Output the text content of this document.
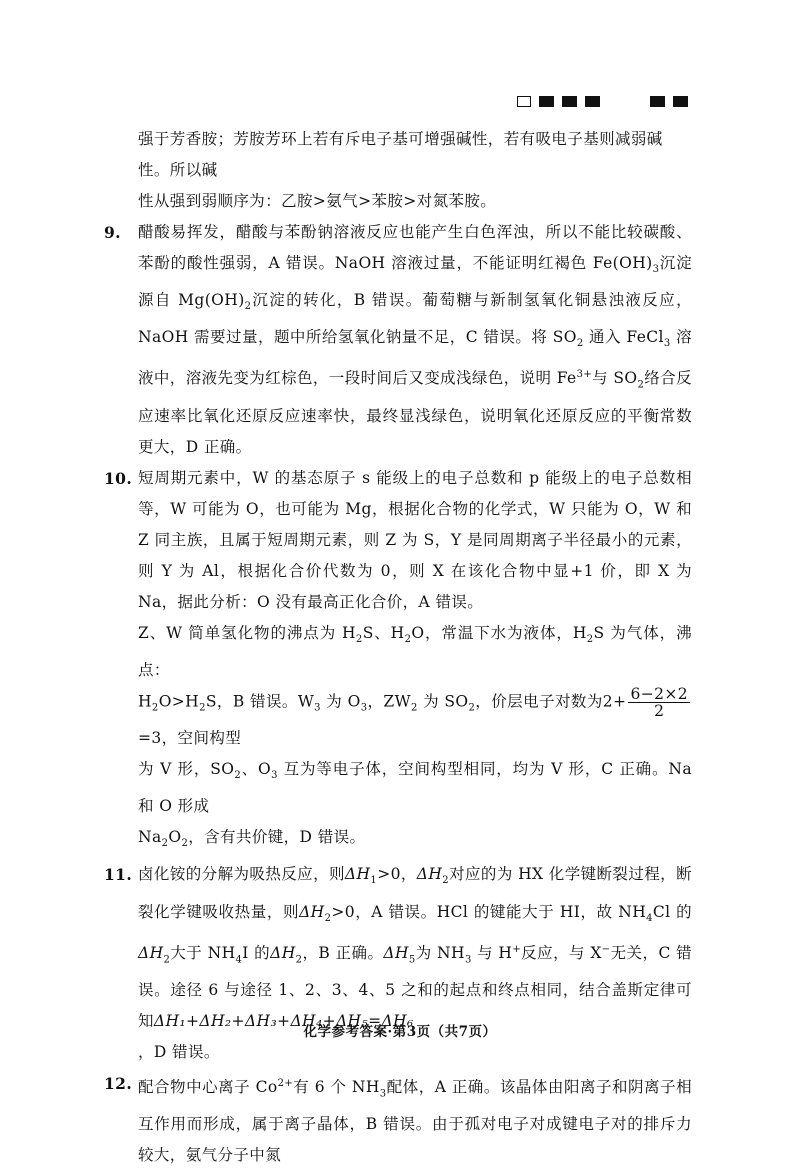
强于芳香胺；芳胺芳环上若有斥电子基可增强碱性，若有吸电子基则减弱碱性。所以碱
性从强到弱顺序为：乙胺>氨气>苯胺>对氮苯胺。
9.	醋酸易挥发，醋酸与苯酚钠溶液反应也能产生白色浑浊，所以不能比较碳酸、苯酚的酸性强弱，A 错误。NaOH 溶液过量，不能证明红褐色 $Fe(OH)_3$沉淀源自 $Mg(OH)_2$沉淀的转化，B 错误。葡萄糖与新制氢氧化铜悬浊液反应，NaOH 需要过量，题中所给氢氧化钠量不足，C 错误。将 $SO_2$ 通入 FeCl$_3$ 溶液中，溶液先变为红棕色，一段时间后又变成浅绿色，说明 $Fe^{3+}$与 $SO_2$络合反应速率比氧化还原反应速率快，最终显浅绿色，说明氧化还原反应的平衡常数更大，D 正确。
10. 短周期元素中，W 的基态原子 s 能级上的电子总数和 p 能级上的电子总数相等，W 可能为 O，也可能为 Mg，根据化合物的化学式，W 只能为 O，W 和 Z 同主族，且属于短周期元素，则 Z 为 S，Y 是同周期离子半径最小的元素，则 Y 为 Al，根据化合价代数为 0，则 X 在该化合物中显+1 价，即 X 为 Na，据此分析：O 没有最高正化合价，A 错误。
Z、W 简单氢化物的沸点为 $H_2S$、$H_2O$，常温下水为液体，$H_2S$ 为气体，沸点：
$H_2O>H_2S$，B 错误。$W_3$ 为 $O_3$，$ZW_2$ 为 $SO_2$，价层电子对数为$2+ \frac{6-2\times 2}{2}$
=3，空间构型
为 V 形，$SO_2$、$O_3$ 互为等电子体，空间构型相同，均为 V 形，C 正确。Na 和 O 形成
$Na_2O_2$，含有共价键，D 错误。
11. 卤化铵的分解为吸热反应，则$\Delta H_1>0$，$\Delta H_2$对应的为 HX 化学键断裂过程，断裂化学键吸收热量，则$\Delta H_2>0$，A 错误。HCl 的键能大于 HI，故 $NH_4Cl$ 的$\Delta H_2$大于 $NH_4I$ 的$\Delta H_2$，B 正确。$\Delta H_5$为 $NH_3$ 与 H+反应，与 X−无关，C 错误。途径 6 与途径 1、2、3、4、5 之和的起点和终点相同，结合盖斯定律可知ΔH₁+ΔH₂+ΔH₃+ΔH₄+ΔH₅=ΔH₆
，D 错误。
12. 配合物中心离子 $Co^{2+}$有 6 个 $NH_3$配体，A 正确。该晶体由阳离子和阴离子相互作用而形成，属于离子晶体，B 错误。由于孤对电子对成键电子对的排斥力较大，氨气分子中氮
化学参考答案·第3页（共7页）
